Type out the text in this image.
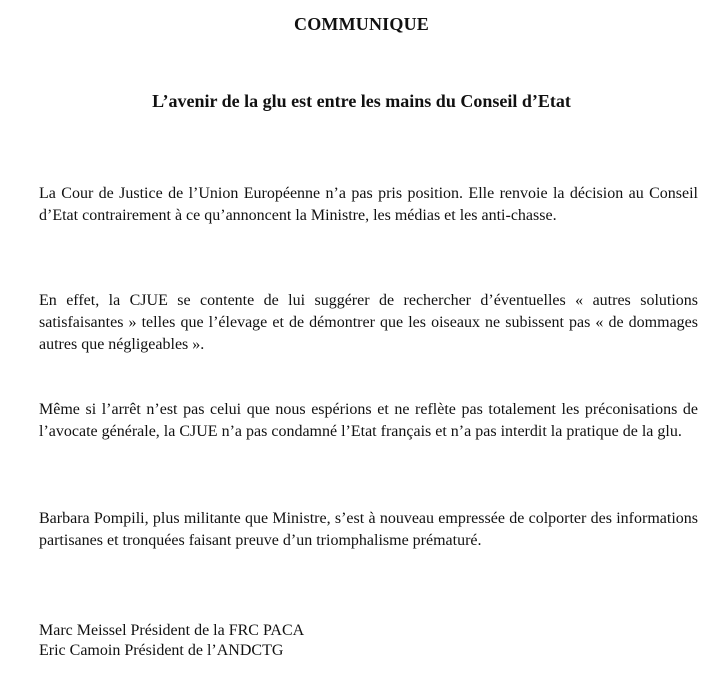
COMMUNIQUE
L’avenir de la glu est entre les mains du Conseil d’Etat
La Cour de Justice de l’Union Européenne n’a pas pris position. Elle renvoie la décision au Conseil d’Etat contrairement à ce qu’annoncent la Ministre, les médias et les anti-chasse.
En effet, la CJUE se contente de lui suggérer de rechercher d’éventuelles « autres solutions satisfaisantes » telles que l’élevage et de démontrer que les oiseaux ne subissent pas « de dommages autres que négligeables ».
Même si l’arrêt n’est pas celui que nous espérions et ne reflète pas totalement les préconisations de l’avocate générale, la CJUE n’a pas condamné l’Etat français et n’a pas interdit la pratique de la glu.
Barbara Pompili, plus militante que Ministre, s’est à nouveau empressée de colporter des informations partisanes et tronquées faisant preuve d’un triomphalisme prématuré.
Marc Meissel Président de la FRC PACA
Eric Camoin Président de l’ANDCTG
